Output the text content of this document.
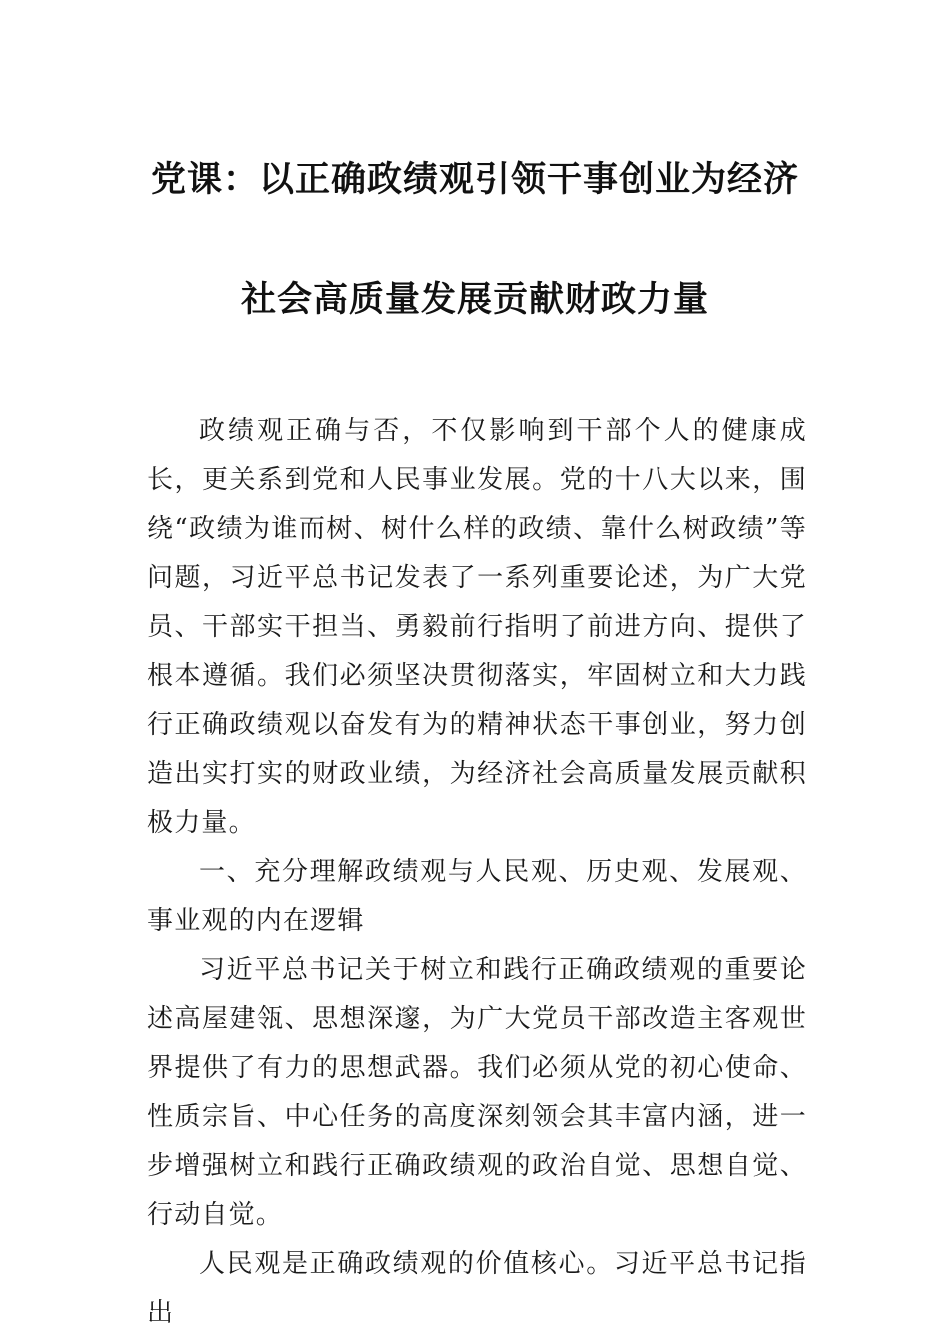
党课：以正确政绩观引领干事创业为经济
社会高质量发展贡献财政力量

政绩观正确与否，不仅影响到干部个人的健康成长，更关系到党和人民事业发展。党的十八大以来，围绕“政绩为谁而树、树什么样的政绩、靠什么树政绩”等问题，习近平总书记发表了一系列重要论述，为广大党员、干部实干担当、勇毅前行指明了前进方向、提供了根本遵循。我们必须坚决贯彻落实，牢固树立和大力践行正确政绩观以奋发有为的精神状态干事创业，努力创造出实打实的财政业绩，为经济社会高质量发展贡献积极力量。

一、充分理解政绩观与人民观、历史观、发展观、事业观的内在逻辑

习近平总书记关于树立和践行正确政绩观的重要论述高屋建瓴、思想深邃，为广大党员干部改造主客观世界提供了有力的思想武器。我们必须从党的初心使命、性质宗旨、中心任务的高度深刻领会其丰富内涵，进一步增强树立和践行正确政绩观的政治自觉、思想自觉、行动自觉。

人民观是正确政绩观的价值核心。习近平总书记指出
